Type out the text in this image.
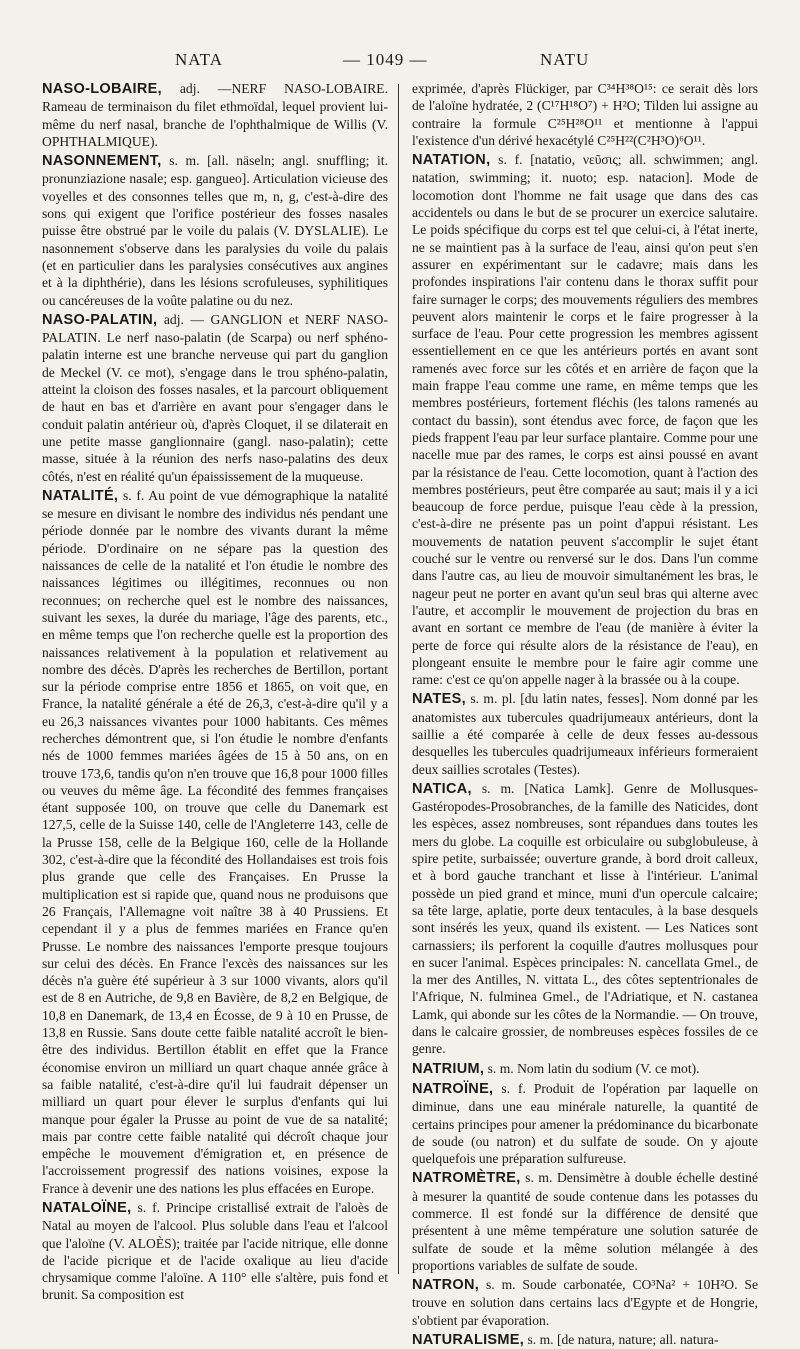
NATA	— 1049 —	NATU

NASO-LOBAIRE, adj. —NERF NASO-LOBAIRE. Rameau de terminaison du filet ethmoïdal, lequel provient lui-même du nerf nasal, branche de l'ophthalmique de Willis (V. OPHTHALMIQUE).

NASONNEMENT, s. m. [all. näseln; angl. snuffling; it. pronunziazione nasale; esp. gangueo]. Articulation vicieuse des voyelles et des consonnes telles que m, n, g, c'est-à-dire des sons qui exigent que l'orifice postérieur des fosses nasales puisse être obstrué par le voile du palais (V. DYSLALIE). Le nasonnement s'observe dans les paralysies du voile du palais (et en particulier dans les paralysies consécutives aux angines et à la diphthérie), dans les lésions scrofuleuses, syphilitiques ou cancéreuses de la voûte palatine ou du nez.

NASO-PALATIN, adj. — GANGLION et NERF NASO-PALATIN. Le nerf naso-palatin (de Scarpa) ou nerf sphéno-palatin interne est une branche nerveuse qui part du ganglion de Meckel (V. ce mot), s'engage dans le trou sphéno-palatin, atteint la cloison des fosses nasales, et la parcourt obliquement de haut en bas et d'arrière en avant pour s'engager dans le conduit palatin antérieur où, d'après Cloquet, il se dilaterait en une petite masse ganglionnaire (gangl. naso-palatin); cette masse, située à la réunion des nerfs naso-palatins des deux côtés, n'est en réalité qu'un épaississement de la muqueuse.

NATALITÉ, s. f. Au point de vue démographique la natalité se mesure en divisant le nombre des individus nés pendant une période donnée par le nombre des vivants durant la même période. D'ordinaire on ne sépare pas la question des naissances de celle de la natalité et l'on étudie le nombre des naissances légitimes ou illégitimes, reconnues ou non reconnues; on recherche quel est le nombre des naissances, suivant les sexes, la durée du mariage, l'âge des parents, etc., en même temps que l'on recherche quelle est la proportion des naissances relativement à la population et relativement au nombre des décès. D'après les recherches de Bertillon, portant sur la période comprise entre 1856 et 1865, on voit que, en France, la natalité générale a été de 26,3, c'est-à-dire qu'il y a eu 26,3 naissances vivantes pour 1000 habitants. Ces mêmes recherches démontrent que, si l'on étudie le nombre d'enfants nés de 1000 femmes mariées âgées de 15 à 50 ans, on en trouve 173,6, tandis qu'on n'en trouve que 16,8 pour 1000 filles ou veuves du même âge. La fécondité des femmes françaises étant supposée 100, on trouve que celle du Danemark est 127,5, celle de la Suisse 140, celle de l'Angleterre 143, celle de la Prusse 158, celle de la Belgique 160, celle de la Hollande 302, c'est-à-dire que la fécondité des Hollandaises est trois fois plus grande que celle des Françaises. En Prusse la multiplication est si rapide que, quand nous ne produisons que 26 Français, l'Allemagne voit naître 38 à 40 Prussiens. Et cependant il y a plus de femmes mariées en France qu'en Prusse. Le nombre des naissances l'emporte presque toujours sur celui des décès. En France l'excès des naissances sur les décès n'a guère été supérieur à 3 sur 1000 vivants, alors qu'il est de 8 en Autriche, de 9,8 en Bavière, de 8,2 en Belgique, de 10,8 en Danemark, de 13,4 en Écosse, de 9 à 10 en Prusse, de 13,8 en Russie. Sans doute cette faible natalité accroît le bien-être des individus. Bertillon établit en effet que la France économise environ un milliard un quart chaque année grâce à sa faible natalité, c'est-à-dire qu'il lui faudrait dépenser un milliard un quart pour élever le surplus d'enfants qui lui manque pour égaler la Prusse au point de vue de sa natalité; mais par contre cette faible natalité qui décroît chaque jour empêche le mouvement d'émigration et, en présence de l'accroissement progressif des nations voisines, expose la France à devenir une des nations les plus effacées en Europe.

NATALOÏNE, s. f. Principe cristallisé extrait de l'aloès de Natal au moyen de l'alcool. Plus soluble dans l'eau et l'alcool que l'aloïne (V. ALOÈS); traitée par l'acide nitrique, elle donne de l'acide picrique et de l'acide oxalique au lieu d'acide chrysamique comme l'aloïne. A 110° elle s'altère, puis fond et brunit. Sa composition est

exprimée, d'après Flückiger, par C³⁴H³⁸O¹⁵: ce serait dès lors de l'aloïne hydratée, 2 (C¹⁷H¹⁸O⁷) + H²O; Tilden lui assigne au contraire la formule C²⁵H²⁸O¹¹ et mentionne à l'appui l'existence d'un dérivé hexacétylé C²⁵H²²(C²H³O)⁶O¹¹.

NATATION, s. f. [natatio, νεῦσις; all. schwimmen; angl. natation, swimming; it. nuoto; esp. natacion]. Mode de locomotion dont l'homme ne fait usage que dans des cas accidentels ou dans le but de se procurer un exercice salutaire. Le poids spécifique du corps est tel que celui-ci, à l'état inerte, ne se maintient pas à la surface de l'eau, ainsi qu'on peut s'en assurer en expérimentant sur le cadavre; mais dans les profondes inspirations l'air contenu dans le thorax suffit pour faire surnager le corps; des mouvements réguliers des membres peuvent alors maintenir le corps et le faire progresser à la surface de l'eau. Pour cette progression les membres agissent essentiellement en ce que les antérieurs portés en avant sont ramenés avec force sur les côtés et en arrière de façon que la main frappe l'eau comme une rame, en même temps que les membres postérieurs, fortement fléchis (les talons ramenés au contact du bassin), sont étendus avec force, de façon que les pieds frappent l'eau par leur surface plantaire. Comme pour une nacelle mue par des rames, le corps est ainsi poussé en avant par la résistance de l'eau. Cette locomotion, quant à l'action des membres postérieurs, peut être comparée au saut; mais il y a ici beaucoup de force perdue, puisque l'eau cède à la pression, c'est-à-dire ne présente pas un point d'appui résistant. Les mouvements de natation peuvent s'accomplir le sujet étant couché sur le ventre ou renversé sur le dos. Dans l'un comme dans l'autre cas, au lieu de mouvoir simultanément les bras, le nageur peut ne porter en avant qu'un seul bras qui alterne avec l'autre, et accomplir le mouvement de projection du bras en avant en sortant ce membre de l'eau (de manière à éviter la perte de force qui résulte alors de la résistance de l'eau), en plongeant ensuite le membre pour le faire agir comme une rame: c'est ce qu'on appelle nager à la brassée ou à la coupe.

NATES, s. m. pl. [du latin nates, fesses]. Nom donné par les anatomistes aux tubercules quadrijumeaux antérieurs, dont la saillie a été comparée à celle de deux fesses au-dessous desquelles les tubercules quadrijumeaux inférieurs formeraient deux saillies scrotales (Testes).

NATICA, s. m. [Natica Lamk]. Genre de Mollusques-Gastéropodes-Prosobranches, de la famille des Naticides, dont les espèces, assez nombreuses, sont répandues dans toutes les mers du globe. La coquille est orbiculaire ou subglobuleuse, à spire petite, surbaissée; ouverture grande, à bord droit calleux, et à bord gauche tranchant et lisse à l'intérieur. L'animal possède un pied grand et mince, muni d'un opercule calcaire; sa tête large, aplatie, porte deux tentacules, à la base desquels sont insérés les yeux, quand ils existent. — Les Natices sont carnassiers; ils perforent la coquille d'autres mollusques pour en sucer l'animal. Espèces principales: N. cancellata Gmel., de la mer des Antilles, N. vittata L., des côtes septentrionales de l'Afrique, N. fulminea Gmel., de l'Adriatique, et N. castanea Lamk, qui abonde sur les côtes de la Normandie. — On trouve, dans le calcaire grossier, de nombreuses espèces fossiles de ce genre.

NATRIUM, s. m. Nom latin du sodium (V. ce mot).

NATROÏNE, s. f. Produit de l'opération par laquelle on diminue, dans une eau minérale naturelle, la quantité de certains principes pour amener la prédominance du bicarbonate de soude (ou natron) et du sulfate de soude. On y ajoute quelquefois une préparation sulfureuse.

NATROMÈTRE, s. m. Densimètre à double échelle destiné à mesurer la quantité de soude contenue dans les potasses du commerce. Il est fondé sur la différence de densité que présentent à une même température une solution saturée de sulfate de soude et la même solution mélangée à des proportions variables de sulfate de soude.

NATRON, s. m. Soude carbonatée, CO³Na² + 10H²O. Se trouve en solution dans certains lacs d'Egypte et de Hongrie, s'obtient par évaporation.

NATURALISME, s. m. [de natura, nature; all. natura-
